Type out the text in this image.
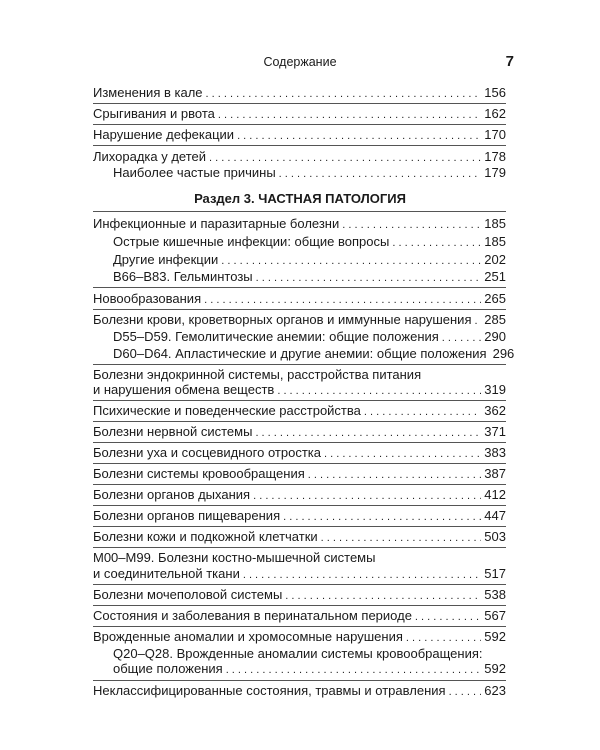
Содержание	7
Изменения в кале . . .	156
Срыгивания и рвота . . .	162
Нарушение дефекации . . .	170
Лихорадка у детей . . .	178
Наиболее частые причины . . .	179
Раздел 3. ЧАСТНАЯ ПАТОЛОГИЯ
Инфекционные и паразитарные болезни . . .	185
Острые кишечные инфекции: общие вопросы . . .	185
Другие инфекции . . .	202
B66–B83. Гельминтозы . . .	251
Новообразования . . .	265
Болезни крови, кроветворных органов и иммунные нарушения . . . 285
D55–D59. Гемолитические анемии: общие положения . . .	290
D60–D64. Апластические и другие анемии: общие положения 296
Болезни эндокринной системы, расстройства питания
и нарушения обмена веществ . . .	319
Психические и поведенческие расстройства . . .	362
Болезни нервной системы . . .	371
Болезни уха и сосцевидного отростка . . .	383
Болезни системы кровообращения . . .	387
Болезни органов дыхания . . .	412
Болезни органов пищеварения . . .	447
Болезни кожи и подкожной клетчатки . . .	503
M00–M99. Болезни костно-мышечной системы
и соединительной ткани . . .	517
Болезни мочеполовой системы . . .	538
Состояния и заболевания в перинатальном периоде . . .	567
Врожденные аномалии и хромосомные нарушения . . .	592
Q20–Q28. Врожденные аномалии системы кровообращения:
общие положения . . .	592
Неклассифицированные состояния, травмы и отравления . . .	623
